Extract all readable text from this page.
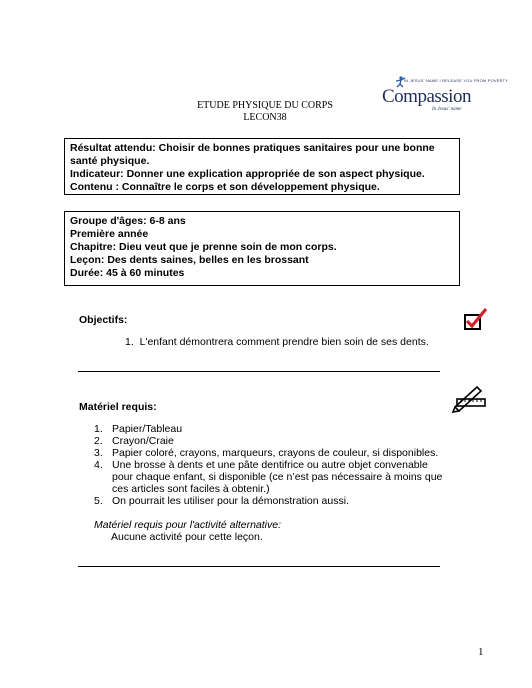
ETUDE PHYSIQUE DU CORPS
LECON38
IN JESUS' NAME I RELEASE YOU FROM POVERTY
Compassion
In Jesus' name

Résultat attendu: Choisir de bonnes pratiques sanitaires pour une bonne

santé physique.

Indicateur: Donner une explication appropriée de son aspect physique.

Contenu : Connaître le corps et son développement physique.

Groupe d'âges: 6-8 ans

Première année

Chapitre: Dieu veut que je prenne soin de mon corps.

Leçon: Des dents saines, belles en les brossant

Durée: 45 à 60 minutes

Objectifs:
1. L'enfant démontrera comment prendre bien soin de ses dents.
Matériel requis:
1. Papier/Tableau
2. Crayon/Craie
3. Papier coloré, crayons, marqueurs, crayons de couleur, si disponibles.
4. Une brosse à dents et une pâte dentifrice ou autre objet convenable
pour chaque enfant, si disponible (ce n’est pas nécessaire à moins que
ces articles sont faciles à obtenir.)
5. On pourrait les utiliser pour la démonstration aussi.
Matériel requis pour l'activité alternative:
Aucune activité pour cette leçon.
1
